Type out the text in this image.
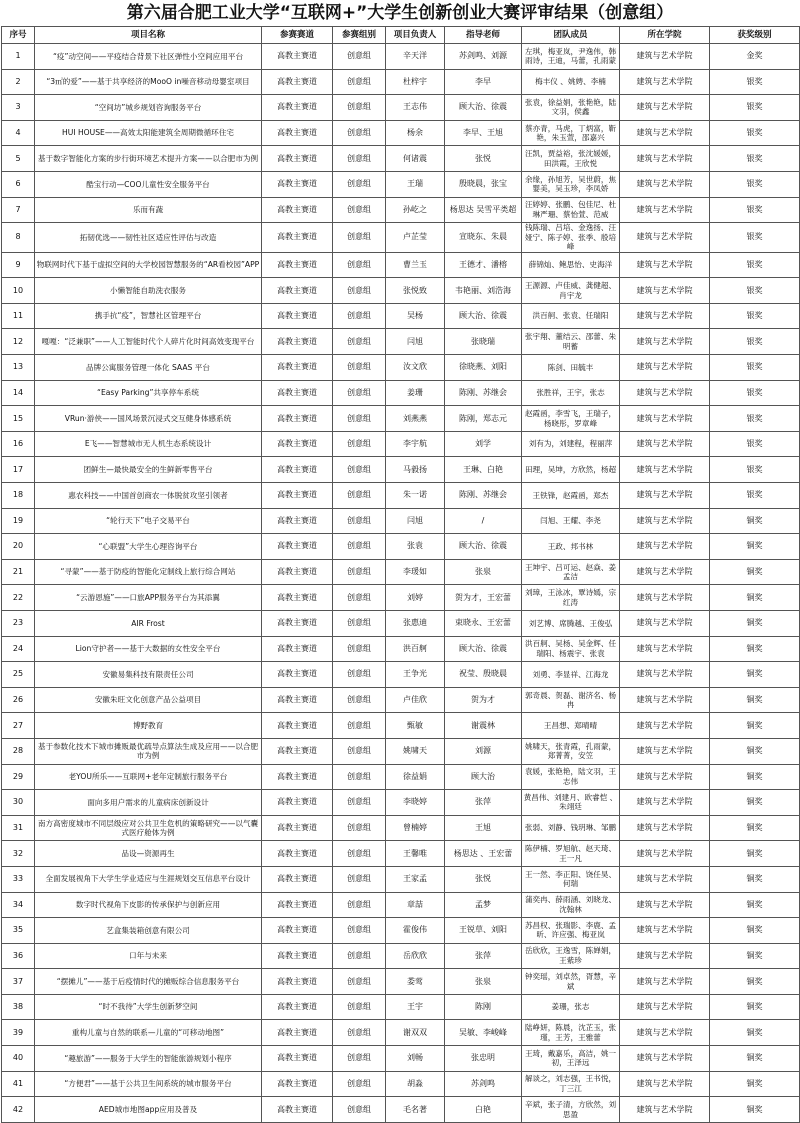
第六届合肥工业大学“互联网+”大学生创新创业大赛评审结果（创意组）
序号	项目名称	参赛赛道	参赛组别	项目负责人	指导老师	团队成员	所在学院	获奖级别
1	“疫”动空间——平疫结合背景下社区弹性小空间应用平台	高教主赛道	创意组	辛天洋	苏剑鸣、刘源	左琪，梅亚岚，尹逸伟，韩雨诗，王迪，马蕾，孔雨蒙	建筑与艺术学院	金奖
2	“3㎡的爱”——基于共享经济的MooO in噪音移动母婴室项目	高教主赛道	创意组	杜梓宇	李早	梅丰仪 、姚娉、李楠	建筑与艺术学院	银奖
3	“空间坊”城乡规划咨询服务平台	高教主赛道	创意组	王志伟	顾大治、徐震	张袁，徐益娟，张艳艳，陆文羽，侯鑫	建筑与艺术学院	银奖
4	HUI HOUSE——高效太阳能建筑全周期微循环住宅	高教主赛道	创意组	杨余	李早、王旭	蔡亦青，马虎，丁炳富，靳艳，朱玉萱，邵嘉兴	建筑与艺术学院	银奖
5	基于数字智能化方案的步行街环境艺术提升方案——以合肥市为例	高教主赛道	创意组	何诸震	张悦	汪凯，贾益裕，张沈媛媛，田洪霞，王欣悦	建筑与艺术学院	银奖
6	酷宝行动—COO儿童性安全服务平台	高教主赛道	创意组	王瑞	殷晓晨，张宝	余缘，孙旭芳，吴世蔚，焦婴美，吴玉珍，李凤娇	建筑与艺术学院	银奖
7	乐而有蔬	高教主赛道	创意组	孙屹之	杨思达 吴雪平类超	汪婷婷、张鹏、包佳尼、杜琳严珊、蔡怡萱、范威	建筑与艺术学院	银奖
8	拓韧优选——韧性社区适应性评估与改造	高教主赛道	创意组	卢芷莹	宣晓东、朱晨	钱陈瑞、吕培、金逸扬、汪娅宁、陈子婷、张季、殷培峰	建筑与艺术学院	银奖
9	物联网时代下基于虚拟空间的大学校园智慧服务的“AR看校园”APP	高教主赛道	创意组	曹兰玉	王德才、潘榕	薛锦灿、鲍思怡、史海洋	建筑与艺术学院	银奖
10	小懒智能自助洗衣服务	高教主赛道	创意组	张悦致	韦艳丽、刘浩海	王源源、卢佳威、龚健超、肖宇龙	建筑与艺术学院	银奖
11	携手抗“疫”，智慧社区管理平台	高教主赛道	创意组	吴杨	顾大治、徐震	洪百舸、张袁、任瑞阳	建筑与艺术学院	银奖
12	嘎嘎：“泛兼职”——人工智能时代个人碎片化时间高效变现平台	高教主赛道	创意组	闫旭	张晓瑞	张宇翔、董结云、邵蕾、朱明蓄	建筑与艺术学院	银奖
13	品牌公寓服务管理一体化 SAAS 平台	高教主赛道	创意组	汝文欣	徐晓燕、刘阳	陈剑、田毓丰	建筑与艺术学院	银奖
14	“Easy Parking”共享停车系统	高教主赛道	创意组	姜珊	陈刚、苏继会	张胜祥，王宇，张志	建筑与艺术学院	银奖
15	VRun·游侠——国风场景沉浸式交互健身体感系统	高教主赛道	创意组	刘燕燕	陈刚，郑志元	赵霞函，李雪飞，王瑞子，杨晓彤，罗章峰	建筑与艺术学院	银奖
16	E飞——智慧城市无人机生态系统设计	高教主赛道	创意组	李宇航	刘学	刘有为，刘建程，程丽萍	建筑与艺术学院	银奖
17	团鲜生—最快最安全的生鲜新零售平台	高教主赛道	创意组	马毅扬	王琳、白艳	田理，吴坤，方欣然，杨超	建筑与艺术学院	银奖
18	惠农科技——中国首创商农一体脱贫攻坚引领者	高教主赛道	创意组	朱一诺	陈刚、苏继会	王铁锋，赵霞函，郑杰	建筑与艺术学院	银奖
19	“轮行天下”电子交易平台	高教主赛道	创意组	闫旭	/	闫旭、王耀、李尧	建筑与艺术学院	铜奖
20	“心联盟”大学生心理咨询平台	高教主赛道	创意组	张袁	顾大治、徐震	王政、邦书林	建筑与艺术学院	铜奖
21	“寻蒙”——基于防疫的智能化定制线上旅行综合网站	高教主赛道	创意组	李瑗如	张泉	王坤宇、吕可运、赵焱、姜孟洁	建筑与艺术学院	铜奖
22	“云游恩施”——口旅APP服务平台为其添翼	高教主赛道	创意组	刘婷	贺为才，王宏蕾	刘璋，王泳冰，覃诗嫣，宗红涛	建筑与艺术学院	铜奖
23	AIR Frost	高教主赛道	创意组	张惠迪	束晓永、王宏蕾	刘艺博、席腾越、王俊弘	建筑与艺术学院	铜奖
24	Lion守护者——基于大数据的女性安全平台	高教主赛道	创意组	洪百舸	顾大治、徐震	洪百舸、吴杨、吴金辉、任瑞阳、杨震宇、张袁	建筑与艺术学院	铜奖
25	安徽易集科技有限责任公司	高教主赛道	创意组	王争光	祝莹、殷晓晨	刘勇、李显祥、江海龙	建筑与艺术学院	铜奖
26	安徽朱旺文化创意产品公益项目	高教主赛道	创意组	卢佳欣	贺为才	郭奇晨、贺磊、谢济名、杨冉	建筑与艺术学院	铜奖
27	博野教育	高教主赛道	创意组	甄敏	谢震林	王昌想、郑晴晴	建筑与艺术学院	铜奖
28	基于参数化技术下城市摊贩最优疏导点算法生成及应用——以合肥市为例	高教主赛道	创意组	姚啸天	刘源	姚啸天，张青霞，孔雨蒙，郑菁菁，安笠	建筑与艺术学院	铜奖
29	老YOU所乐——互联网+老年定制旅行服务平台	高教主赛道	创意组	徐益娟	顾大治	袁媛，张艳艳，陆文羽，王志伟	建筑与艺术学院	铜奖
30	面向多用户需求的儿童病床创新设计	高教主赛道	创意组	李晓婷	张萍	黄昌伟、刘建月、欧睿恺 、朱翊廷	建筑与艺术学院	铜奖
31	南方高密度城市不同层级应对公共卫生危机的策略研究——以气囊式医疗舱体为例	高教主赛道	创意组	曾楠婷	王旭	张弱、刘静、钱玥琳、邹鹏	建筑与艺术学院	铜奖
32	品设—资源再生	高教主赛道	创意组	王馨唯	杨思达 、王宏蕾	陈伊楠、罗旭航、赵天琦、王一凡	建筑与艺术学院	铜奖
33	全面发展视角下大学生学业适应与生涯规划交互信息平台设计	高教主赛道	创意组	王家孟	张悦	王一然、李正阳、饶任昊、何瑞	建筑与艺术学院	铜奖
34	数字时代视角下皮影的传承保护与创新应用	高教主赛道	创意组	章喆	孟梦	蒲奕冉、薛雨涵、刘晓龙、沈翰林	建筑与艺术学院	铜奖
35	艺盒集装箱创意有限公司	高教主赛道	创意组	霍俊伟	王锐草、刘阳	苏昌权、张瑞影、李鹿、孟昕、许应强、梅亚岚	建筑与艺术学院	铜奖
36	口年与未来	高教主赛道	创意组	岳欣欣	张萍	岳欣欣，王逸雪，陈婵娟，王紫珍	建筑与艺术学院	铜奖
37	“摆摊儿”——基于后疫情时代的摊贩综合信息服务平台	高教主赛道	创意组	娄莺	张泉	钟奕瑶，刘卓然，胥慧，辛斌	建筑与艺术学院	铜奖
38	“时不我待”大学生创新梦空间	高教主赛道	创意组	王宇	陈刚	姜珊，张志	建筑与艺术学院	铜奖
39	重构儿童与自然的联系—儿童的“可移动地图”	高教主赛道	创意组	谢双双	吴敏、李峻峰	陆峥妍，陈晨，沈芷玉，张瑾，王芳，王雅蕾	建筑与艺术学院	铜奖
40	“趣旅游”——服务于大学生的智能旅游规划小程序	高教主赛道	创意组	刘畅	张忠明	王琦，戴嘉乐，高洁，姚一初，王泽远	建筑与艺术学院	铜奖
41	“方便君”——基于公共卫生间系统的城市服务平台	高教主赛道	创意组	胡淼	苏剑鸣	解谈之，刘志强，王书悦，丁三江	建筑与艺术学院	铜奖
42	AED城市地图app应用及普及	高教主赛道	创意组	毛名著	白艳	辛斌，张子清，方欣然，刘思盈	建筑与艺术学院	铜奖
